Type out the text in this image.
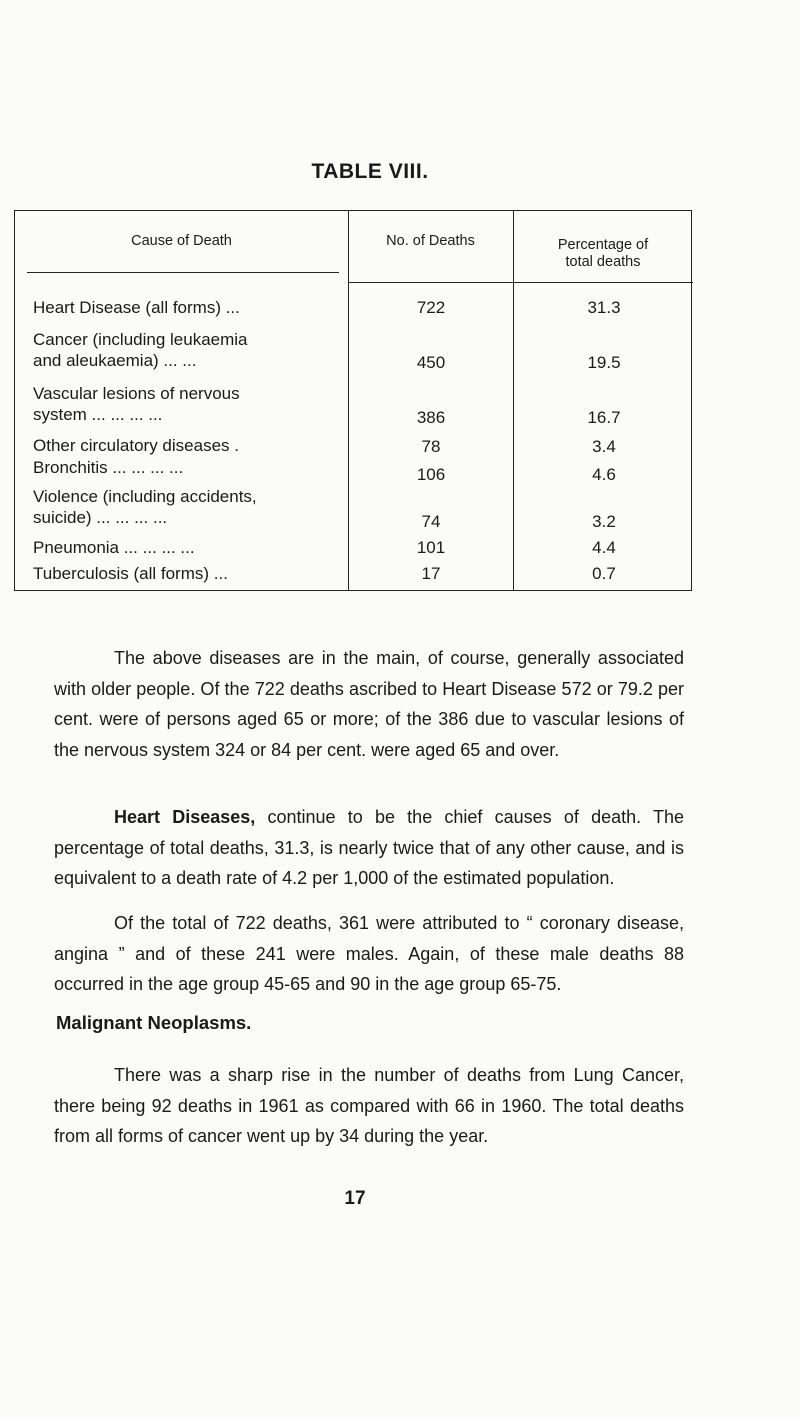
TABLE VIII.
Cause of Death	No. of Deaths	Percentage of
total deaths
Heart Disease (all forms) ...	722	31.3
Cancer (including leukaemia
and aleukaemia) ... ...	450	19.5
Vascular lesions of nervous
system ... ... ... ...	386	16.7
Other circulatory diseases .	78	3.4
Bronchitis ... ... ... ...	106	4.6
Violence (including accidents,
suicide) ... ... ... ...	74	3.2
Pneumonia ... ... ... ...	101	4.4
Tuberculosis (all forms) ...	17	0.7
The above diseases are in the main, of course, generally associated with older people. Of the 722 deaths ascribed to Heart Disease 572 or 79.2 per cent. were of persons aged 65 or more; of the 386 due to vascular lesions of the nervous system 324 or 84 per cent. were aged 65 and over.
Heart Diseases, continue to be the chief causes of death. The percentage of total deaths, 31.3, is nearly twice that of any other cause, and is equivalent to a death rate of 4.2 per 1,000 of the estimated population.
Of the total of 722 deaths, 361 were attributed to “ coronary disease, angina ” and of these 241 were males. Again, of these male deaths 88 occurred in the age group 45-65 and 90 in the age group 65-75.
Malignant Neoplasms.
There was a sharp rise in the number of deaths from Lung Cancer, there being 92 deaths in 1961 as compared with 66 in 1960. The total deaths from all forms of cancer went up by 34 during the year.
17
